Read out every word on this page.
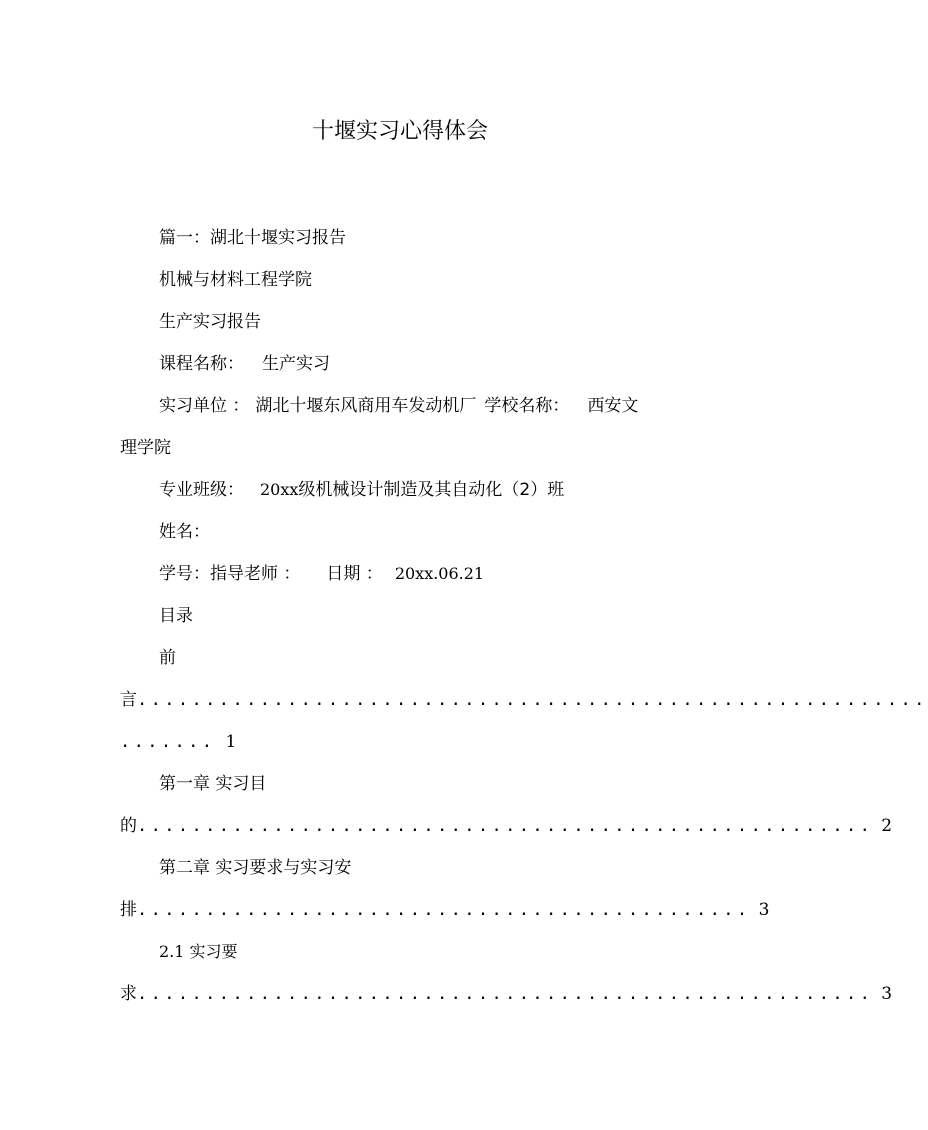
十堰实习心得体会
篇一：湖北十堰实习报告
机械与材料工程学院
生产实习报告
课程名称： 生产实习
实习单位 ： 湖北十堰东风商用车发动机厂 学校名称： 西安文
理学院
专业班级： 20xx级机械设计制造及其自动化（2）班
姓名：
学号：指导老师 ： 日期 ： 20xx.06.21
目录
前
言..........................................................
....... 1
第一章 实习目
的...................................................... 2
第二章 实习要求与实习安
排............................................. 3
2.1 实习要
求...................................................... 3
